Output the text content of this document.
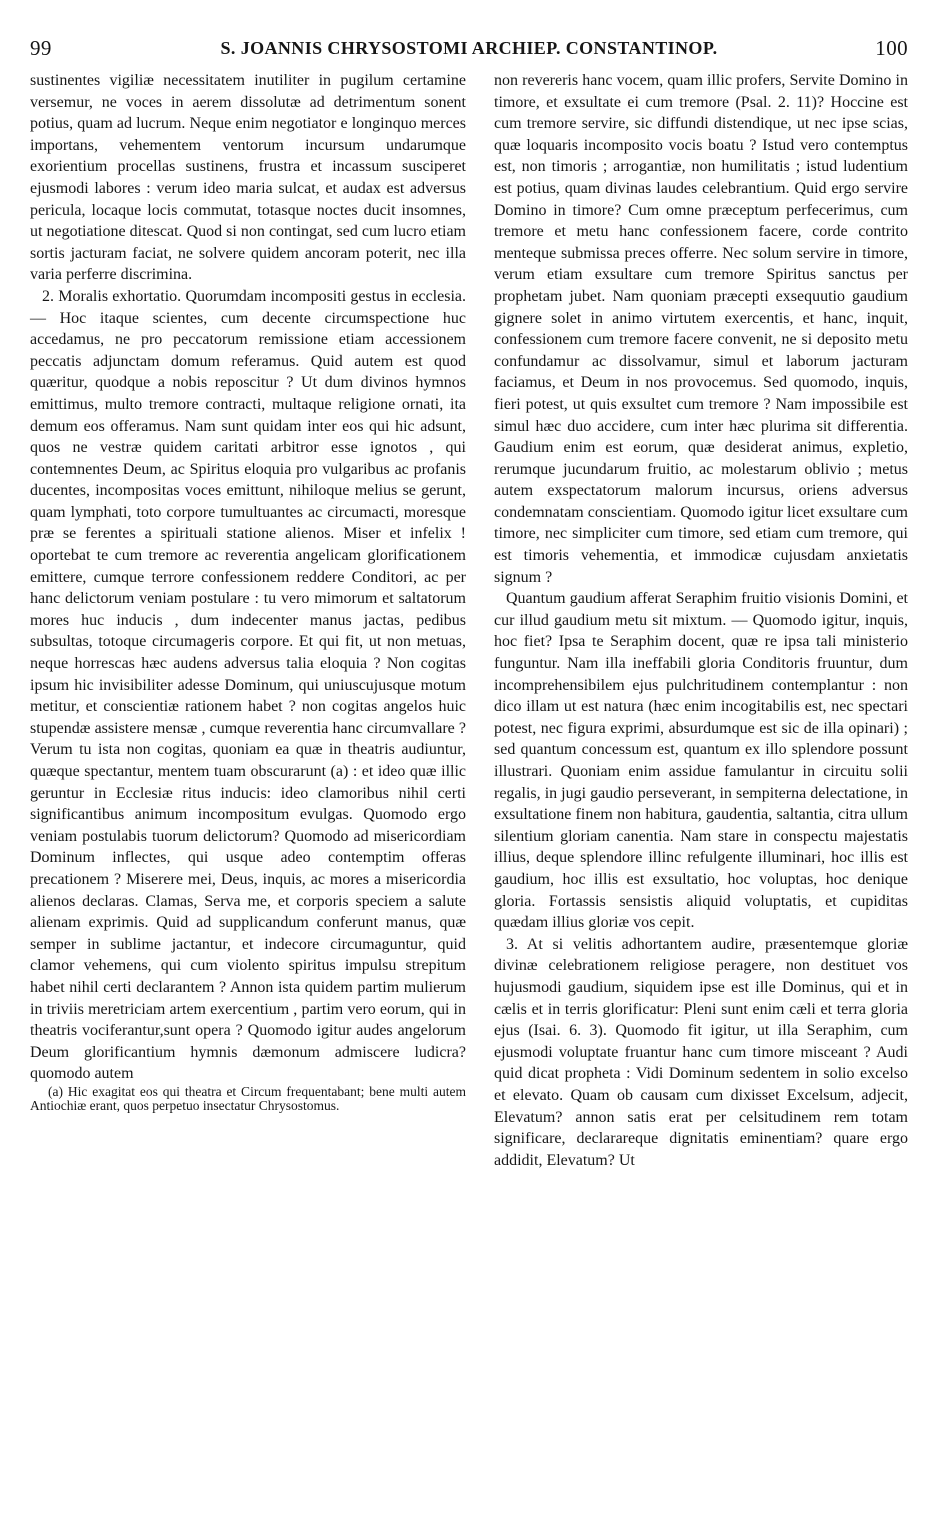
99	S. JOANNIS CHRYSOSTOMI ARCHIEP. CONSTANTINOP.	100

sustinentes vigiliæ necessitatem inutiliter in pugilum certamine versemur, ne voces in aerem dissolutæ ad detrimentum sonent potius, quam ad lucrum. Neque enim negotiator e longinquo merces importans, vehementem ventorum incursum undarumque exorientium procellas sustinens, frustra et incassum susciperet ejusmodi labores : verum ideo maria sulcat, et audax est adversus pericula, locaque locis commutat, totasque noctes ducit insomnes, ut negotiatione ditescat. Quod si non contingat, sed cum lucro etiam sortis jacturam faciat, ne solvere quidem ancoram poterit, nec illa varia perferre discrimina.

2. Moralis exhortatio. Quorumdam incompositi gestus in ecclesia. — Hoc itaque scientes, cum decente circumspectione huc accedamus, ne pro peccatorum remissione etiam accessionem peccatis adjunctam domum referamus. Quid autem est quod quæritur, quodque a nobis reposcitur ? Ut dum divinos hymnos emittimus, multo tremore contracti, multaque religione ornati, ita demum eos offeramus. Nam sunt quidam inter eos qui hic adsunt, quos ne vestræ quidem caritati arbitror esse ignotos , qui contemnentes Deum, ac Spiritus eloquia pro vulgaribus ac profanis ducentes, incompositas voces emittunt, nihiloque melius se gerunt, quam lymphati, toto corpore tumultuantes ac circumacti, moresque præ se ferentes a spirituali statione alienos. Miser et infelix ! oportebat te cum tremore ac reverentia angelicam glorificationem emittere, cumque terrore confessionem reddere Conditori, ac per hanc delictorum veniam postulare : tu vero mimorum et saltatorum mores huc inducis , dum indecenter manus jactas, pedibus subsultas, totoque circumageris corpore. Et qui fit, ut non metuas, neque horrescas hæc audens adversus talia eloquia ? Non cogitas ipsum hic invisibiliter adesse Dominum, qui uniuscujusque motum metitur, et conscientiæ rationem habet ? non cogitas angelos huic stupendæ assistere mensæ , cumque reverentia hanc circumvallare ? Verum tu ista non cogitas, quoniam ea quæ in theatris audiuntur, quæque spectantur, mentem tuam obscurarunt (a) : et ideo quæ illic geruntur in Ecclesiæ ritus inducis: ideo clamoribus nihil certi significantibus animum incompositum evulgas. Quomodo ergo veniam postulabis tuorum delictorum? Quomodo ad misericordiam Dominum inflectes, qui usque adeo contemptim offeras precationem ? Miserere mei, Deus, inquis, ac mores a misericordia alienos declaras. Clamas, Serva me, et corporis speciem a salute alienam exprimis. Quid ad supplicandum conferunt manus, quæ semper in sublime jactantur, et indecore circumaguntur, quid clamor vehemens, qui cum violento spiritus impulsu strepitum habet nihil certi declarantem ? Annon ista quidem partim mulierum in triviis meretriciam artem exercentium , partim vero eorum, qui in theatris vociferantur,sunt opera ? Quomodo igitur audes angelorum Deum glorificantium hymnis dæmonum admiscere ludicra?quomodo autem

(a) Hic exagitat eos qui theatra et Circum frequentabant; bene multi autem Antiochiæ erant, quos perpetuo insectatur Chrysostomus.

non revereris hanc vocem, quam illic profers, Servite Domino in timore, et exsultate ei cum tremore (Psal. 2. 11)? Hoccine est cum tremore servire, sic diffundi distendique, ut nec ipse scias, quæ loquaris incomposito vocis boatu ? Istud vero contemptus est, non timoris ; arrogantiæ, non humilitatis ; istud ludentium est potius, quam divinas laudes celebrantium. Quid ergo servire Domino in timore? Cum omne præceptum perfecerimus, cum tremore et metu hanc confessionem facere, corde contrito menteque submissa preces offerre. Nec solum servire in timore, verum etiam exsultare cum tremore Spiritus sanctus per prophetam jubet. Nam quoniam præcepti exsequutio gaudium gignere solet in animo virtutem exercentis, et hanc, inquit, confessionem cum tremore facere convenit, ne si deposito metu confundamur ac dissolvamur, simul et laborum jacturam faciamus, et Deum in nos provocemus. Sed quomodo, inquis, fieri potest, ut quis exsultet cum tremore ? Nam impossibile est simul hæc duo accidere, cum inter hæc plurima sit differentia. Gaudium enim est eorum, quæ desiderat animus, expletio, rerumque jucundarum fruitio, ac molestarum oblivio ; metus autem exspectatorum malorum incursus, oriens adversus condemnatam conscientiam. Quomodo igitur licet exsultare cum timore, nec simpliciter cum timore, sed etiam cum tremore, qui est timoris vehementia, et immodicæ cujusdam anxietatis signum ?

Quantum gaudium afferat Seraphim fruitio visionis Domini, et cur illud gaudium metu sit mixtum. — Quomodo igitur, inquis, hoc fiet? Ipsa te Seraphim docent, quæ re ipsa tali ministerio funguntur. Nam illa ineffabili gloria Conditoris fruuntur, dum incomprehensibilem ejus pulchritudinem contemplantur : non dico illam ut est natura (hæc enim incogitabilis est, nec spectari potest, nec figura exprimi, absurdumque est sic de illa opinari) ; sed quantum concessum est, quantum ex illo splendore possunt illustrari. Quoniam enim assidue famulantur in circuitu solii regalis, in jugi gaudio perseverant, in sempiterna delectatione, in exsultatione finem non habitura, gaudentia, saltantia, citra ullum silentium gloriam canentia. Nam stare in conspectu majestatis illius, deque splendore illinc refulgente illuminari, hoc illis est gaudium, hoc illis est exsultatio, hoc voluptas, hoc denique gloria. Fortassis sensistis aliquid voluptatis, et cupiditas quædam illius gloriæ vos cepit.

3. At si velitis adhortantem audire, præsentemque gloriæ divinæ celebrationem religiose peragere, non destituet vos hujusmodi gaudium, siquidem ipse est ille Dominus, qui et in cælis et in terris glorificatur: Pleni sunt enim cæli et terra gloria ejus (Isai. 6. 3). Quomodo fit igitur, ut illa Seraphim, cum ejusmodi voluptate fruantur hanc cum timore misceant ? Audi quid dicat propheta : Vidi Dominum sedentem in solio excelso et elevato. Quam ob causam cum dixisset Excelsum, adjecit, Elevatum? annon satis erat per celsitudinem rem totam significare, declarareque dignitatis eminentiam? quare ergo addidit, Elevatum? Ut
